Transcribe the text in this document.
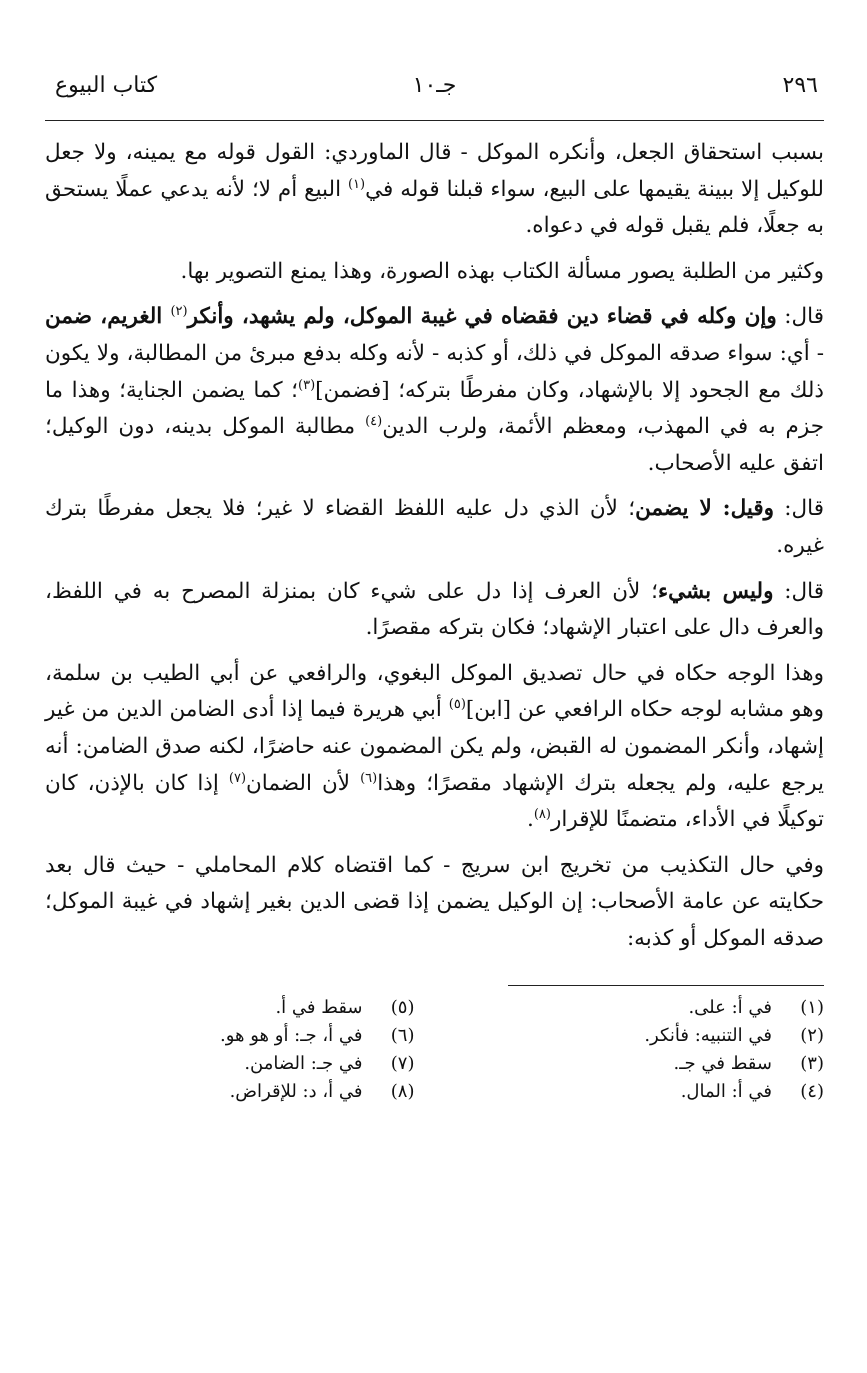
٢٩٦
جـ١٠
كتاب البيوع

بسبب استحقاق الجعل، وأنكره الموكل - قال الماوردي: القول قوله مع يمينه، ولا جعل للوكيل إلا ببينة يقيمها على البيع، سواء قبلنا قوله في$^{(١)}$ البيع أم لا؛ لأنه يدعي عملًا يستحق به جعلًا، فلم يقبل قوله في دعواه.

وكثير من الطلبة يصور مسألة الكتاب بهذه الصورة، وهذا يمنع التصوير بها.

قال: وإن وكله في قضاء دين فقضاه في غيبة الموكل، ولم يشهد، وأنكر$^{(٢)}$ الغريم، ضمن - أي: سواء صدقه الموكل في ذلك، أو كذبه - لأنه وكله بدفع مبرئ من المطالبة، ولا يكون ذلك مع الجحود إلا بالإشهاد، وكان مفرطًا بتركه؛ [فضمن]$^{(٣)}$؛ كما يضمن الجناية؛ وهذا ما جزم به في المهذب، ومعظم الأئمة، ولرب الدين$^{(٤)}$ مطالبة الموكل بدينه، دون الوكيل؛ اتفق عليه الأصحاب.

قال: وقيل: لا يضمن؛ لأن الذي دل عليه اللفظ القضاء لا غير؛ فلا يجعل مفرطًا بترك غيره.

قال: وليس بشيء؛ لأن العرف إذا دل على شيء كان بمنزلة المصرح به في اللفظ، والعرف دال على اعتبار الإشهاد؛ فكان بتركه مقصرًا.

وهذا الوجه حكاه في حال تصديق الموكل البغوي، والرافعي عن أبي الطيب بن سلمة، وهو مشابه لوجه حكاه الرافعي عن [ابن]$^{(٥)}$ أبي هريرة فيما إذا أدى الضامن الدين من غير إشهاد، وأنكر المضمون له القبض، ولم يكن المضمون عنه حاضرًا، لكنه صدق الضامن: أنه يرجع عليه، ولم يجعله بترك الإشهاد مقصرًا؛ وهذا$^{(٦)}$ لأن الضمان$^{(٧)}$ إذا كان بالإذن، كان توكيلًا في الأداء، متضمنًا للإقرار$^{(٨)}$.

وفي حال التكذيب من تخريج ابن سريج - كما اقتضاه كلام المحاملي - حيث قال بعد حكايته عن عامة الأصحاب: إن الوكيل يضمن إذا قضى الدين بغير إشهاد في غيبة الموكل؛ صدقه الموكل أو كذبه:

(١)
في أ: على.
(٥)
سقط في أ.
(٢)
في التنبيه: فأنكر.
(٦)
في أ، جـ: أو هو هو.
(٣)
سقط في جـ.
(٧)
في جـ: الضامن.
(٤)
في أ: المال.
(٨)
في أ، د: للإقراض.
